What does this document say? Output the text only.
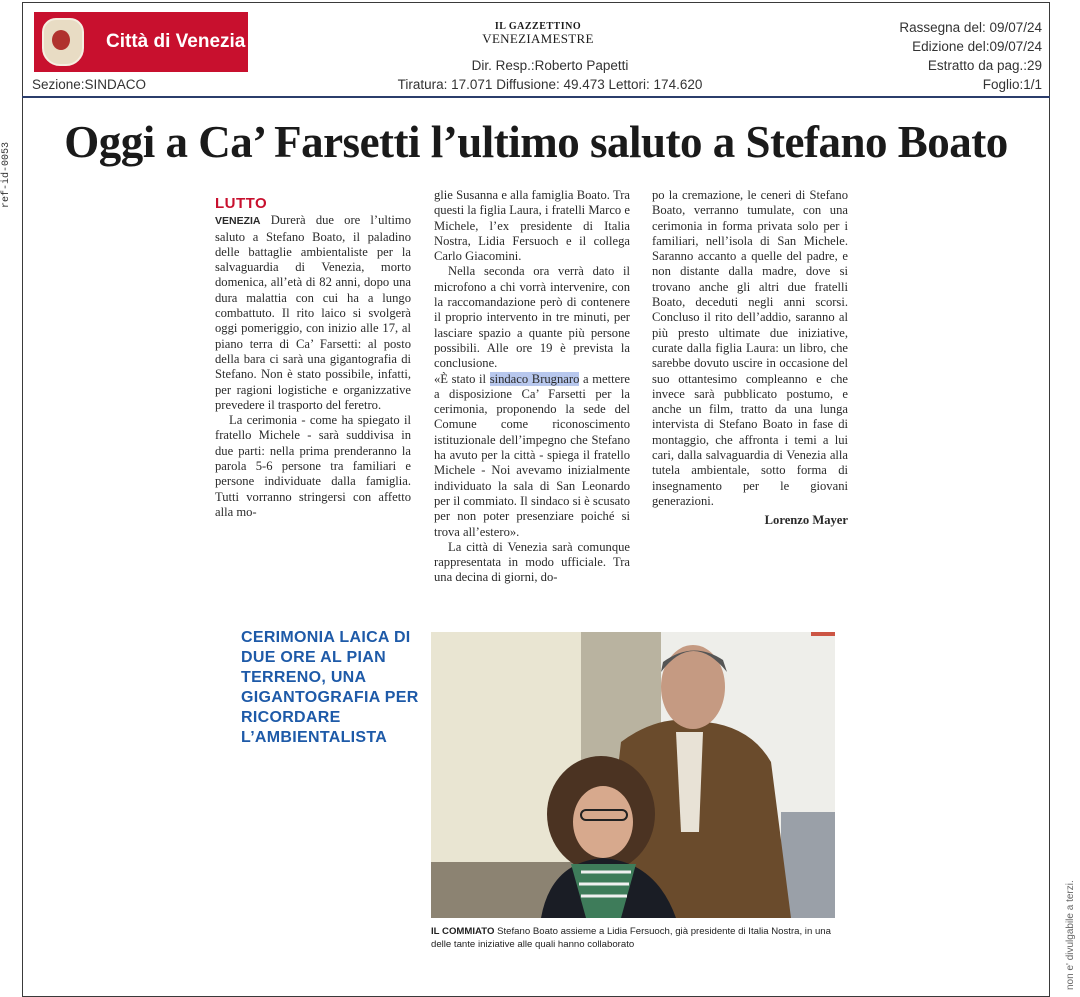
Città di Venezia
IL GAZZETTINO
VENEZIAMESTRE
Dir. Resp.:Roberto Papetti
Tiratura: 17.071 Diffusione: 49.473 Lettori: 174.620
Rassegna del: 09/07/24
Edizione del:09/07/24
Estratto da pag.:29
Foglio:1/1
Sezione:SINDACO
ref-id-0053
non e' divulgabile a terzi.
Oggi a Ca’ Farsetti l’ultimo saluto a Stefano Boato
LUTTO

VENEZIA Durerà due ore l’ultimo saluto a Stefano Boato, il paladino delle battaglie ambientaliste per la salvaguardia di Venezia, morto domenica, all’età di 82 anni, dopo una dura malattia con cui ha a lungo combattuto. Il rito laico si svolgerà oggi pomeriggio, con inizio alle 17, al piano terra di Ca’ Farsetti: al posto della bara ci sarà una gigantografia di Stefano. Non è stato possibile, infatti, per ragioni logistiche e organizzative prevedere il trasporto del feretro.

La cerimonia - come ha spiegato il fratello Michele - sarà suddivisa in due parti: nella prima prenderanno la parola 5-6 persone tra familiari e persone individuate dalla famiglia. Tutti vorranno stringersi con affetto alla mo-

glie Susanna e alla famiglia Boato. Tra questi la figlia Laura, i fratelli Marco e Michele, l’ex presidente di Italia Nostra, Lidia Fersuoch e il collega Carlo Giacomini.

Nella seconda ora verrà dato il microfono a chi vorrà intervenire, con la raccomandazione però di contenere il proprio intervento in tre minuti, per lasciare spazio a quante più persone possibili. Alle ore 19 è prevista la conclusione.

«È stato il sindaco Brugnaro a mettere a disposizione Ca’ Farsetti per la cerimonia, proponendo la sede del Comune come riconoscimento istituzionale dell’impegno che Stefano ha avuto per la città - spiega il fratello Michele - Noi avevamo inizialmente individuato la sala di San Leonardo per il commiato. Il sindaco si è scusato per non poter presenziare poiché si trova all’estero».

La città di Venezia sarà comunque rappresentata in modo ufficiale. Tra una decina di giorni, do-

po la cremazione, le ceneri di Stefano Boato, verranno tumulate, con una cerimonia in forma privata solo per i familiari, nell’isola di San Michele. Saranno accanto a quelle del padre, e non distante dalla madre, dove si trovano anche gli altri due fratelli Boato, deceduti negli anni scorsi. Concluso il rito dell’addio, saranno al più presto ultimate due iniziative, curate dalla figlia Laura: un libro, che sarebbe dovuto uscire in occasione del suo ottantesimo compleanno e che invece sarà pubblicato postumo, e anche un film, tratto da una lunga intervista di Stefano Boato in fase di montaggio, che affronta i temi a lui cari, dalla salvaguardia di Venezia alla tutela ambientale, sotto forma di insegnamento per le giovani generazioni.

Lorenzo Mayer
CERIMONIA LAICA DI DUE ORE AL PIAN TERRENO, UNA GIGANTOGRAFIA PER RICORDARE L’AMBIENTALISTA
IL COMMIATO Stefano Boato assieme a Lidia Fersuoch, già presidente di Italia Nostra, in una delle tante iniziative alle quali hanno collaborato
